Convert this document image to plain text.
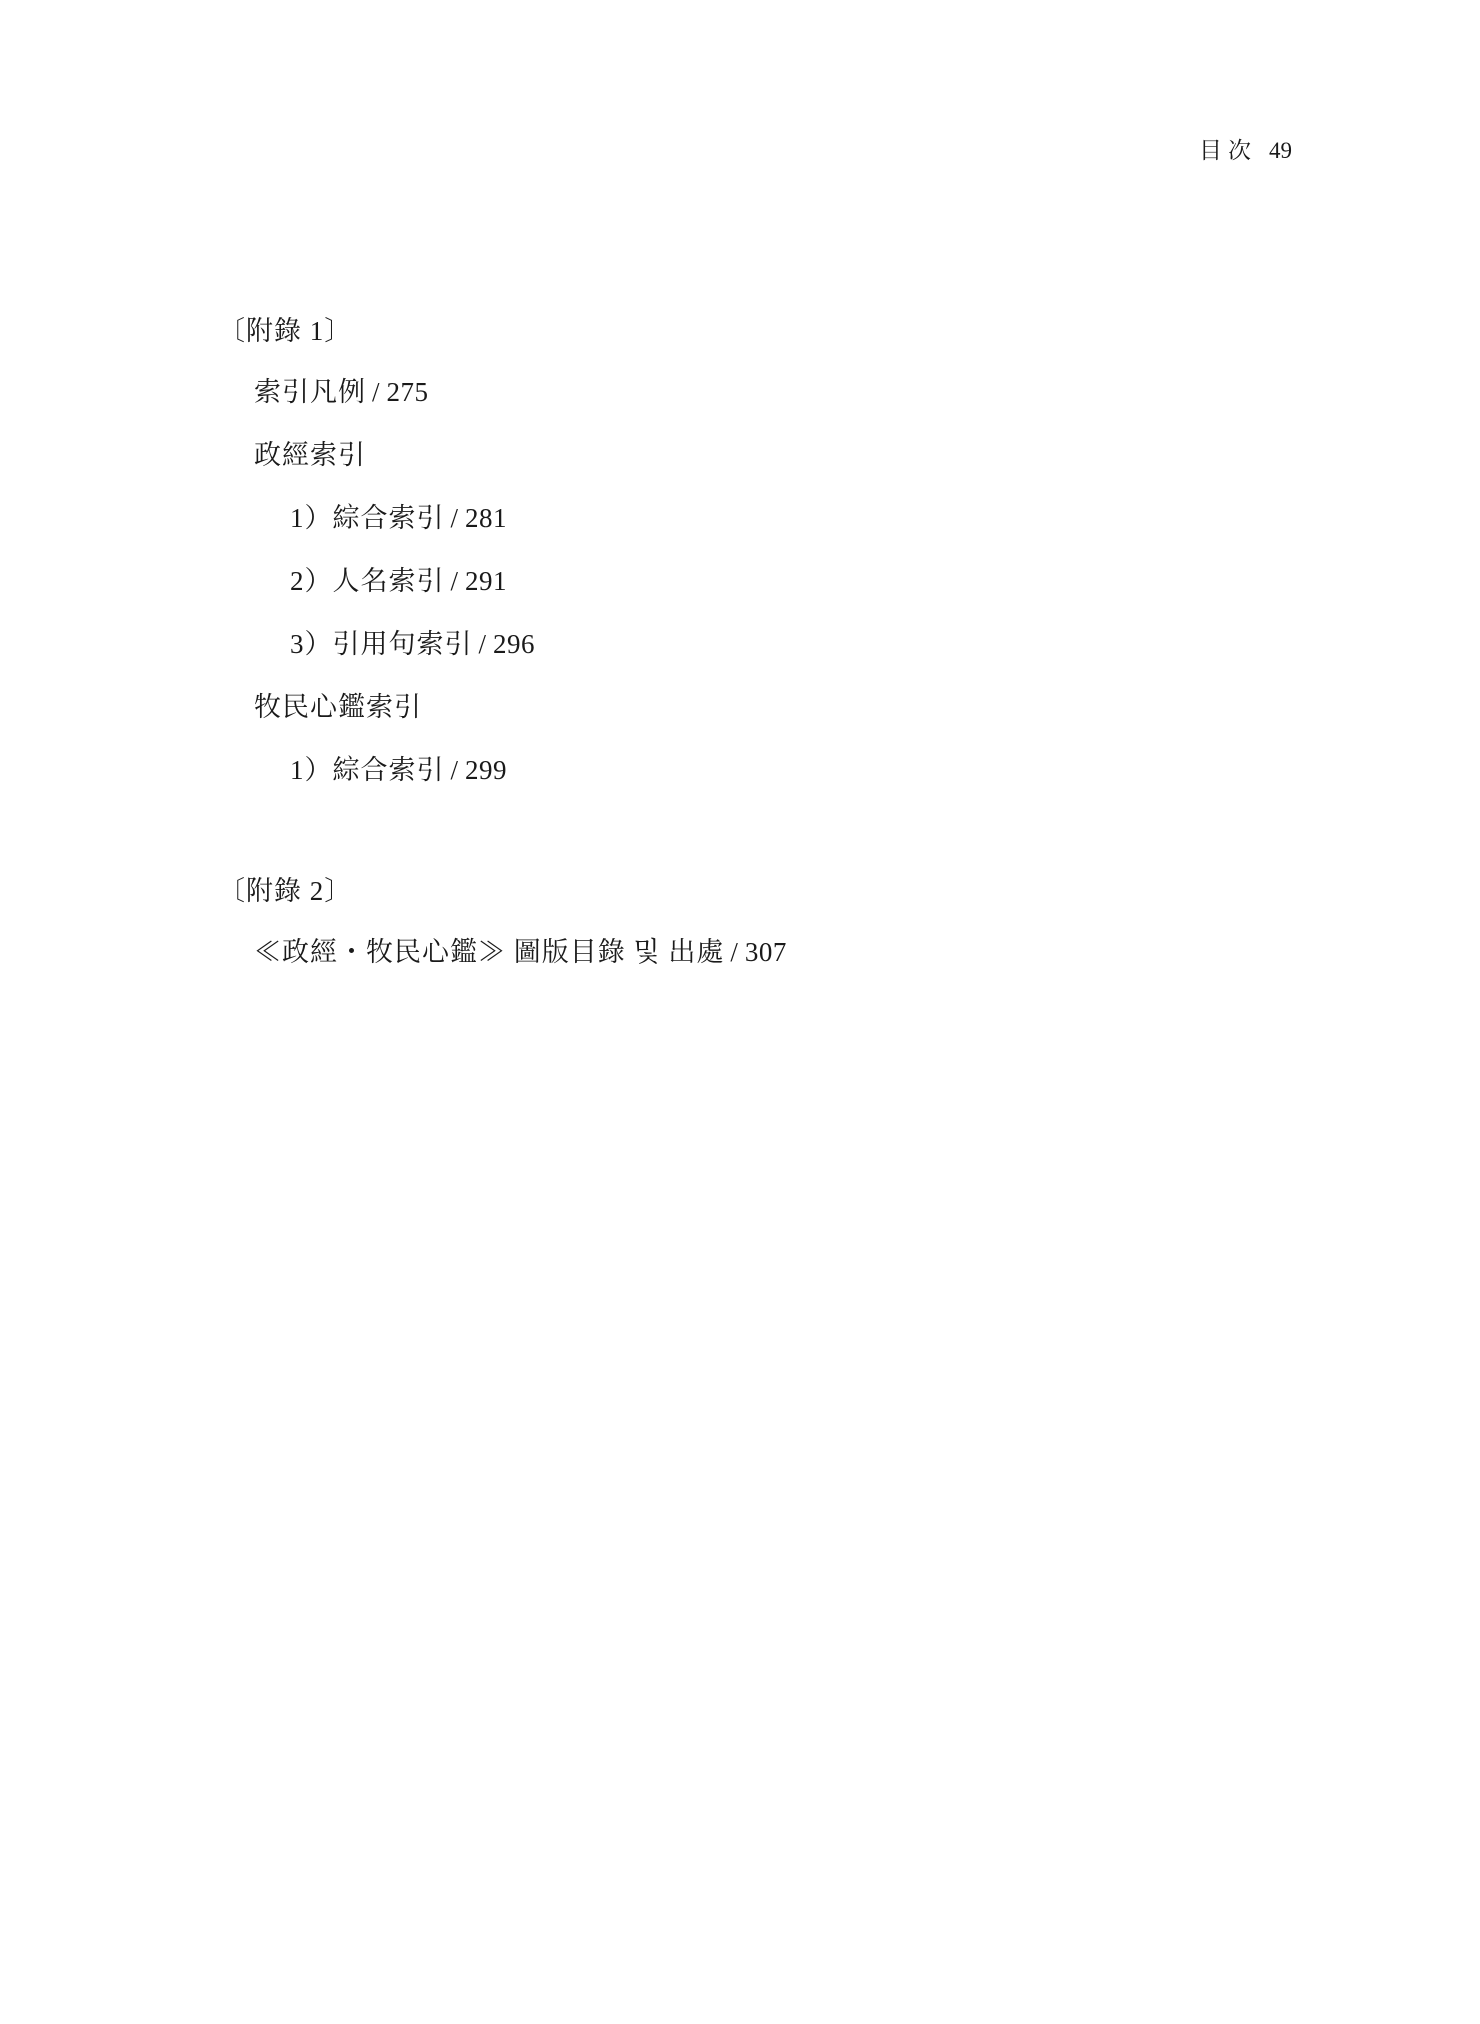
目次 49
〔附錄 1〕
索引凡例 / 275
政經索引
1）綜合索引 / 281
2）人名索引 / 291
3）引用句索引 / 296
牧民心鑑索引
1）綜合索引 / 299
〔附錄 2〕
≪政經・牧民心鑑≫ 圖版目錄 및 出處 / 307
